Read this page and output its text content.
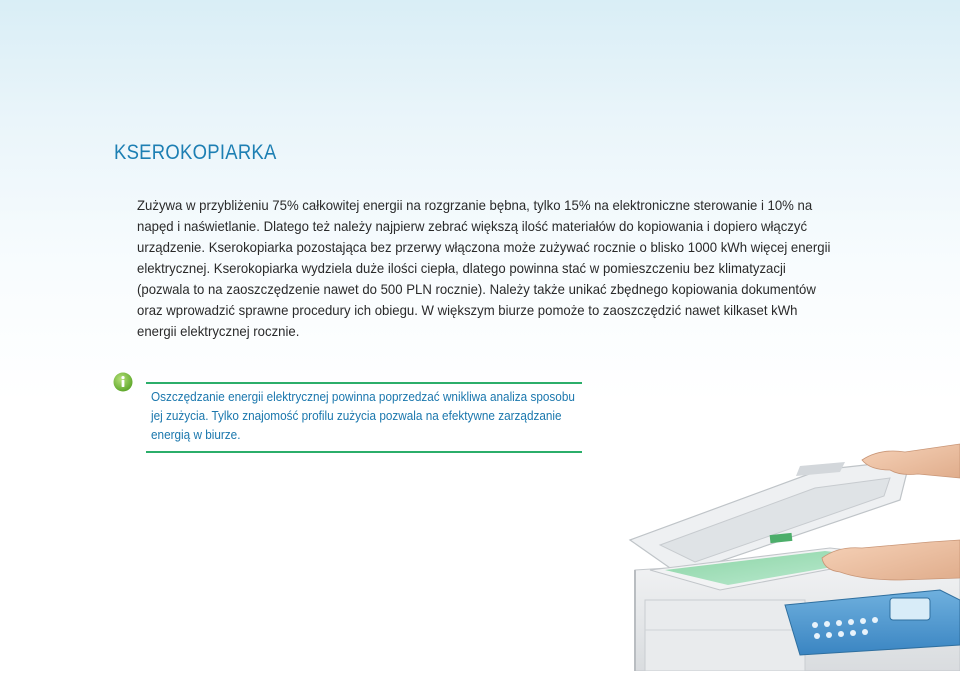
KSEROKOPIARKA
Zużywa w przybliżeniu 75% całkowitej energii na rozgrzanie bębna, tylko 15% na elektroniczne sterowanie i 10% na
napęd i naświetlanie. Dlatego też należy najpierw zebrać większą ilość materiałów do kopiowania i dopiero włączyć
urządzenie. Kserokopiarka pozostająca bez przerwy włączona może zużywać rocznie o blisko 1000 kWh więcej energii
elektrycznej. Kserokopiarka wydziela duże ilości ciepła, dlatego powinna stać w pomieszczeniu bez klimatyzacji
(pozwala to na zaoszczędzenie nawet do 500 PLN rocznie). Należy także unikać zbędnego kopiowania dokumentów
oraz wprowadzić sprawne procedury ich obiegu. W większym biurze pomoże to zaoszczędzić nawet kilkaset kWh
energii elektrycznej rocznie.
Oszczędzanie energii elektrycznej powinna poprzedzać wnikliwa analiza sposobu
jej zużycia. Tylko znajomość profilu zużycia pozwala na efektywne zarządzanie
energią w biurze.
